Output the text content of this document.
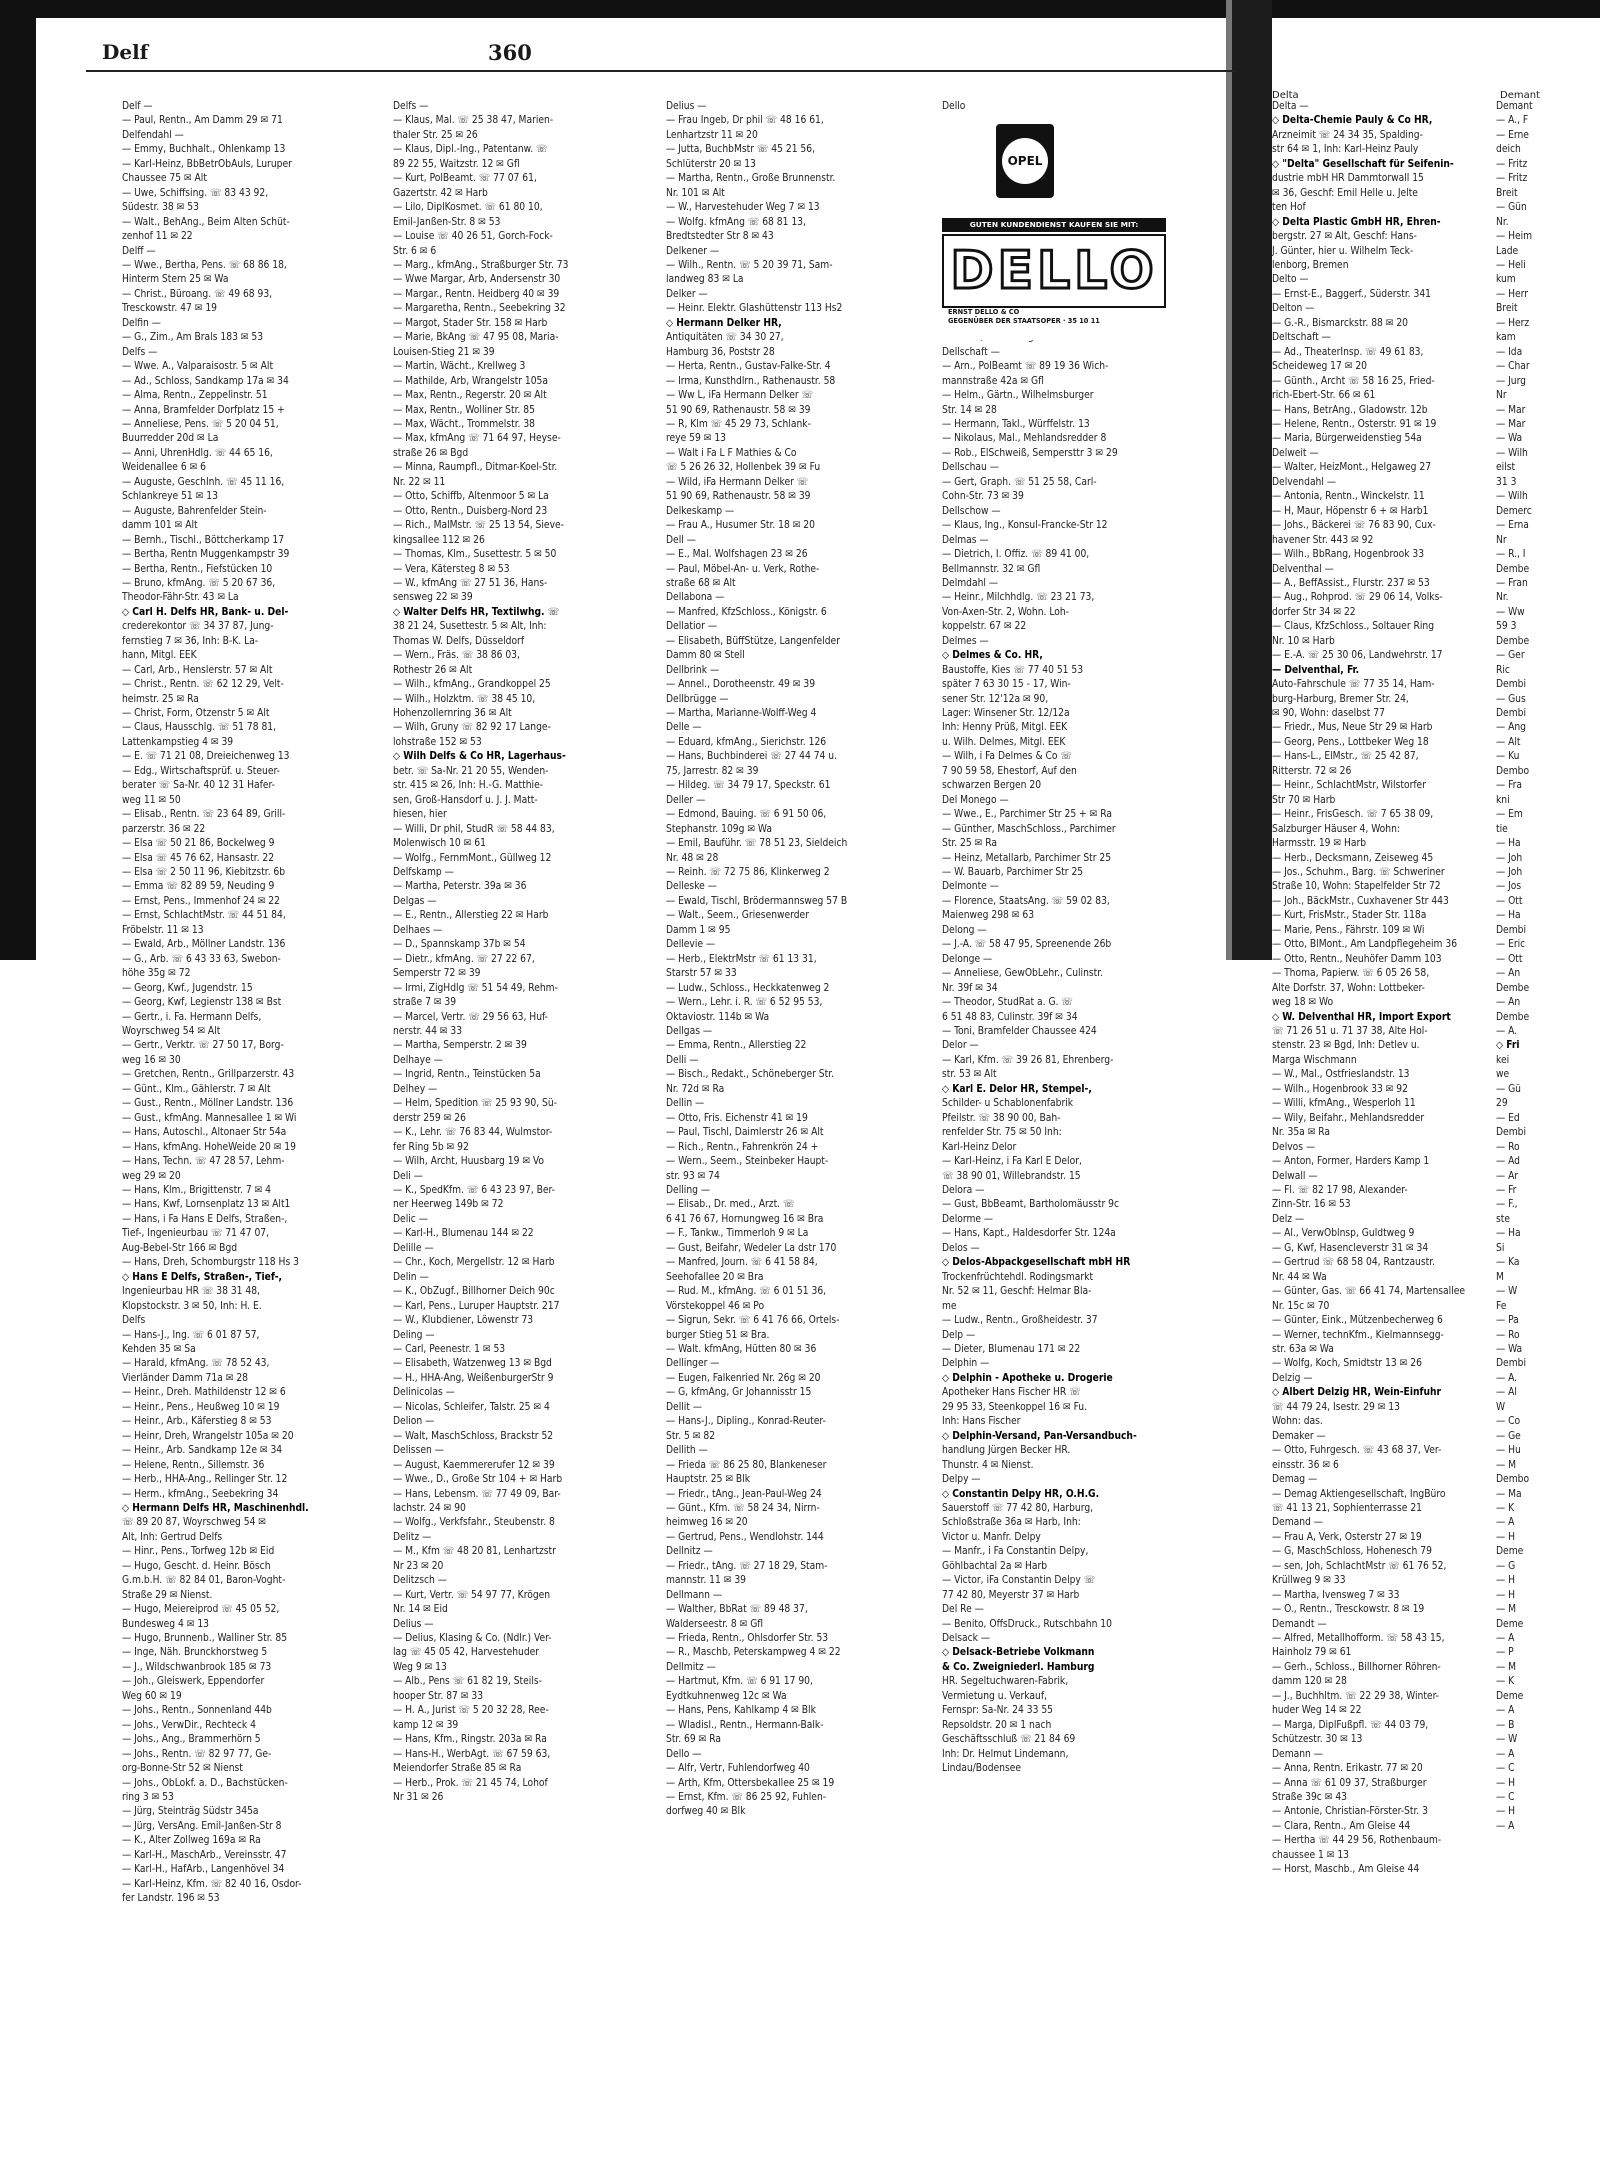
Delf	360
Delta	Demant
Delf —
— Paul, Rentn., Am Damm 29 ✉ 71
Delfendahl —
— Emmy, Buchhalt., Ohlenkamp 13
— Karl-Heinz, BbBetrObAuls, Luruper
Chaussee 75 ✉ Alt
— Uwe, Schiffsing. ☏ 83 43 92,
Südestr. 38 ✉ 53
— Walt., BehAng., Beim Alten Schüt-
zenhof 11 ✉ 22
Delff —
— Wwe., Bertha, Pens. ☏ 68 86 18,
Hinterm Stern 25 ✉ Wa
— Christ., Büroang. ☏ 49 68 93,
Tresckowstr. 47 ✉ 19
Delfin —
— G., Zim., Am Brals 183 ✉ 53
Delfs —
— Wwe. A., Valparaisostr. 5 ✉ Alt
— Ad., Schloss, Sandkamp 17a ✉ 34
— Alma, Rentn., Zeppelinstr. 51
— Anna, Bramfelder Dorfplatz 15 +
— Anneliese, Pens. ☏ 5 20 04 51,
Buurredder 20d ✉ La
— Anni, UhrenHdlg. ☏ 44 65 16,
Weidenallee 6 ✉ 6
— Auguste, GeschInh. ☏ 45 11 16,
Schlankreye 51 ✉ 13
— Auguste, Bahrenfelder Stein-
damm 101 ✉ Alt
— Bernh., Tischl., Böttcherkamp 17
— Bertha, Rentn Muggenkampstr 39
— Bertha, Rentn., Fiefstücken 10
— Bruno, kfmAng. ☏ 5 20 67 36,
Theodor-Fähr-Str. 43 ✉ La
◇ Carl H. Delfs HR, Bank- u. Del-
crederekontor ☏ 34 37 87, Jung-
fernstieg 7 ✉ 36, Inh: B-K. La-
hann, Mitgl. EEK
— Carl, Arb., Henslerstr. 57 ✉ Alt
— Christ., Rentn. ☏ 62 12 29, Velt-
heimstr. 25 ✉ Ra
— Christ, Form, Otzenstr 5 ✉ Alt
— Claus, Hausschlg. ☏ 51 78 81,
Lattenkampstieg 4 ✉ 39
— E. ☏ 71 21 08, Dreieichenweg 13
— Edg., Wirtschaftsprüf. u. Steuer-
berater ☏ Sa-Nr. 40 12 31 Hafer-
weg 11 ✉ 50
— Elisab., Rentn. ☏ 23 64 89, Grill-
parzerstr. 36 ✉ 22
— Elsa ☏ 50 21 86, Bockelweg 9
— Elsa ☏ 45 76 62, Hansastr. 22
— Elsa ☏ 2 50 11 96, Kiebitzstr. 6b
— Emma ☏ 82 89 59, Neuding 9
— Ernst, Pens., Immenhof 24 ✉ 22
— Ernst, SchlachtMstr. ☏ 44 51 84,
Fröbelstr. 11 ✉ 13
— Ewald, Arb., Möllner Landstr. 136
— G., Arb. ☏ 6 43 33 63, Swebon-
höhe 35g ✉ 72
— Georg, Kwf., Jugendstr. 15
— Georg, Kwf, Legienstr 138 ✉ Bst
— Gertr., i. Fa. Hermann Delfs,
Woyrschweg 54 ✉ Alt
— Gertr., Verktr. ☏ 27 50 17, Borg-
weg 16 ✉ 30
— Gretchen, Rentn., Grillparzerstr. 43
— Günt., Klm., Gählerstr. 7 ✉ Alt
— Gust., Rentn., Möllner Landstr. 136
— Gust., kfmAng. Mannesallee 1 ✉ Wi
— Hans, Autoschl., Altonaer Str 54a
— Hans, kfmAng. HoheWeide 20 ✉ 19
— Hans, Techn. ☏ 47 28 57, Lehm-
weg 29 ✉ 20
— Hans, Klm., Brigittenstr. 7 ✉ 4
— Hans, Kwf, Lornsenplatz 13 ✉ Alt1
— Hans, i Fa Hans E Delfs, Straßen-,
Tief-, Ingenieurbau ☏ 71 47 07,
Aug-Bebel-Str 166 ✉ Bgd
— Hans, Dreh, Schomburgstr 118 Hs 3
◇ Hans E Delfs, Straßen-, Tief-,
Ingenieurbau HR ☏ 38 31 48,
Klopstockstr. 3 ✉ 50, Inh: H. E.
Delfs
— Hans-J., Ing. ☏ 6 01 87 57,
Kehden 35 ✉ Sa
— Harald, kfmAng. ☏ 78 52 43,
Vierländer Damm 71a ✉ 28
— Heinr., Dreh. Mathildenstr 12 ✉ 6
— Heinr., Pens., Heußweg 10 ✉ 19
— Heinr., Arb., Käferstieg 8 ✉ 53
— Heinr, Dreh, Wrangelstr 105a ✉ 20
— Heinr., Arb. Sandkamp 12e ✉ 34
— Helene, Rentn., Sillemstr. 36
— Herb., HHA-Ang., Rellinger Str. 12
— Herm., kfmAng., Seebekring 34
◇ Hermann Delfs HR, Maschinenhdl.
☏ 89 20 87, Woyrschweg 54 ✉
Alt, Inh: Gertrud Delfs
— Hinr., Pens., Torfweg 12b ✉ Eid
— Hugo, Gescht. d. Heinr. Bösch
G.m.b.H. ☏ 82 84 01, Baron-Voght-
Straße 29 ✉ Nienst.
— Hugo, Meiereiprod ☏ 45 05 52,
Bundesweg 4 ✉ 13
— Hugo, Brunnenb., Walliner Str. 85
— Inge, Näh. Brunckhorstweg 5
— J., Wildschwanbrook 185 ✉ 73
— Joh., Gleiswerk, Eppendorfer
Weg 60 ✉ 19
— Johs., Rentn., Sonnenland 44b
— Johs., VerwDir., Rechteck 4
— Johs., Ang., Brammerhörn 5
— Johs., Rentn. ☏ 82 97 77, Ge-
org-Bonne-Str 52 ✉ Nienst
— Johs., ObLokf. a. D., Bachstücken-
ring 3 ✉ 53
— Jürg, Steinträg Südstr 345a
— Jürg, VersAng. Emil-Janßen-Str 8
— K., Alter Zollweg 169a ✉ Ra
— Karl-H., MaschArb., Vereinsstr. 47
— Karl-H., HafArb., Langenhövel 34
— Karl-Heinz, Kfm. ☏ 82 40 16, Osdor-
fer Landstr. 196 ✉ 53
Delfs —
— Klaus, Mal. ☏ 25 38 47, Marien-
thaler Str. 25 ✉ 26
— Klaus, Dipl.-Ing., Patentanw. ☏
89 22 55, Waitzstr. 12 ✉ Gfl
— Kurt, PolBeamt. ☏ 77 07 61,
Gazertstr. 42 ✉ Harb
— Lilo, DiplKosmet. ☏ 61 80 10,
Emil-Janßen-Str. 8 ✉ 53
— Louise ☏ 40 26 51, Gorch-Fock-
Str. 6 ✉ 6
— Marg., kfmAng., Straßburger Str. 73
— Wwe Margar, Arb, Andersenstr 30
— Margar., Rentn. Heidberg 40 ✉ 39
— Margaretha, Rentn., Seebekring 32
— Margot, Stader Str. 158 ✉ Harb
— Marie, BkAng ☏ 47 95 08, Maria-
Louisen-Stieg 21 ✉ 39
— Martin, Wächt., Krellweg 3
— Mathilde, Arb, Wrangelstr 105a
— Max, Rentn., Regerstr. 20 ✉ Alt
— Max, Rentn., Wolliner Str. 85
— Max, Wächt., Trommelstr. 38
— Max, kfmAng ☏ 71 64 97, Heyse-
straße 26 ✉ Bgd
— Minna, Raumpfl., Ditmar-Koel-Str.
Nr. 22 ✉ 11
— Otto, Schiffb, Altenmoor 5 ✉ La
— Otto, Rentn., Duisberg-Nord 23
— Rich., MalMstr. ☏ 25 13 54, Sieve-
kingsallee 112 ✉ 26
— Thomas, Klm., Susettestr. 5 ✉ 50
— Vera, Kätersteg 8 ✉ 53
— W., kfmAng ☏ 27 51 36, Hans-
sensweg 22 ✉ 39
◇ Walter Delfs HR, Textilwhg. ☏
38 21 24, Susettestr. 5 ✉ Alt, Inh:
Thomas W. Delfs, Düsseldorf
— Wern., Fräs. ☏ 38 86 03,
Rothestr 26 ✉ Alt
— Wilh., kfmAng., Grandkoppel 25
— Wilh., Holzktm. ☏ 38 45 10,
Hohenzollernring 36 ✉ Alt
— Wilh, Gruny ☏ 82 92 17 Lange-
lohstraße 152 ✉ 53
◇ Wilh Delfs & Co HR, Lagerhaus-
betr. ☏ Sa-Nr. 21 20 55, Wenden-
str. 415 ✉ 26, Inh: H.-G. Matthie-
sen, Groß-Hansdorf u. J. J. Matt-
hiesen, hier
— Willi, Dr phil, StudR ☏ 58 44 83,
Molenwisch 10 ✉ 61
— Wolfg., FernmMont., Güllweg 12
Delfskamp —
— Martha, Peterstr. 39a ✉ 36
Delgas —
— E., Rentn., Allerstieg 22 ✉ Harb
Delhaes —
— D., Spannskamp 37b ✉ 54
— Dietr., kfmAng. ☏ 27 22 67,
Semperstr 72 ✉ 39
— Irmi, ZigHdlg ☏ 51 54 49, Rehm-
straße 7 ✉ 39
— Marcel, Vertr. ☏ 29 56 63, Huf-
nerstr. 44 ✉ 33
— Martha, Semperstr. 2 ✉ 39
Delhaye —
— Ingrid, Rentn., Teinstücken 5a
Delhey —
— Helm, Spedition ☏ 25 93 90, Sü-
derstr 259 ✉ 26
— K., Lehr. ☏ 76 83 44, Wulmstor-
fer Ring 5b ✉ 92
— Wilh, Archt, Huusbarg 19 ✉ Vo
Deli —
— K., SpedKfm. ☏ 6 43 23 97, Ber-
ner Heerweg 149b ✉ 72
Delic —
— Karl-H., Blumenau 144 ✉ 22
Delille —
— Chr., Koch, Mergellstr. 12 ✉ Harb
Delin —
— K., ObZugf., Billhorner Deich 90c
— Karl, Pens., Luruper Hauptstr. 217
— W., Klubdiener, Löwenstr 73
Deling —
— Carl, Peenestr. 1 ✉ 53
— Elisabeth, Watzenweg 13 ✉ Bgd
— H., HHA-Ang, WeißenburgerStr 9
Delinicolas —
— Nicolas, Schleifer, Talstr. 25 ✉ 4
Delion —
— Walt, MaschSchloss, Brackstr 52
Delissen —
— August, Kaemmererufer 12 ✉ 39
— Wwe., D., Große Str 104 + ✉ Harb
— Hans, Lebensm. ☏ 77 49 09, Bar-
lachstr. 24 ✉ 90
— Wolfg., Verkfsfahr., Steubenstr. 8
Delitz —
— M., Kfm ☏ 48 20 81, Lenhartzstr
Nr 23 ✉ 20
Delitzsch —
— Kurt, Vertr. ☏ 54 97 77, Krögen
Nr. 14 ✉ Eid
Delius —
— Delius, Klasing & Co. (Ndlr.) Ver-
lag ☏ 45 05 42, Harvestehuder
Weg 9 ✉ 13
— Alb., Pens ☏ 61 82 19, Steils-
hooper Str. 87 ✉ 33
— H. A., Jurist ☏ 5 20 32 28, Ree-
kamp 12 ✉ 39
— Hans, Kfm., Ringstr. 203a ✉ Ra
— Hans-H., WerbAgt. ☏ 67 59 63,
Meiendorfer Straße 85 ✉ Ra
— Herb., Prok. ☏ 21 45 74, Lohof
Nr 31 ✉ 26
Delius —
— Frau Ingeb, Dr phil ☏ 48 16 61,
Lenhartzstr 11 ✉ 20
— Jutta, BuchbMstr ☏ 45 21 56,
Schlüterstr 20 ✉ 13
— Martha, Rentn., Große Brunnenstr.
Nr. 101 ✉ Alt
— W., Harvestehuder Weg 7 ✉ 13
— Wolfg. kfmAng ☏ 68 81 13,
Bredtstedter Str 8 ✉ 43
Delkener —
— Wilh., Rentn. ☏ 5 20 39 71, Sam-
landweg 83 ✉ La
Delker —
— Heinr. Elektr. Glashüttenstr 113 Hs2
◇ Hermann Delker HR,
Antiquitäten ☏ 34 30 27,
Hamburg 36, Poststr 28
— Herta, Rentn., Gustav-Falke-Str. 4
— Irma, Kunsthdlrn., Rathenaustr. 58
— Ww L, iFa Hermann Delker ☏
51 90 69, Rathenaustr. 58 ✉ 39
— R, Klm ☏ 45 29 73, Schlank-
reye 59 ✉ 13
— Walt i Fa L F Mathies & Co
☏ 5 26 26 32, Hollenbek 39 ✉ Fu
— Wild, iFa Hermann Delker ☏
51 90 69, Rathenaustr. 58 ✉ 39
Delkeskamp —
— Frau A., Husumer Str. 18 ✉ 20
Dell —
— E., Mal. Wolfshagen 23 ✉ 26
— Paul, Möbel-An- u. Verk, Rothe-
straße 68 ✉ Alt
Dellabona —
— Manfred, KfzSchloss., Königstr. 6
Dellatior —
— Elisabeth, BüffStütze, Langenfelder
Damm 80 ✉ Stell
Dellbrink —
— Annel., Dorotheenstr. 49 ✉ 39
Dellbrügge —
— Martha, Marianne-Wolff-Weg 4
Delle —
— Eduard, kfmAng., Sierichstr. 126
— Hans, Buchbinderei ☏ 27 44 74 u.
75, Jarrestr. 82 ✉ 39
— Hildeg. ☏ 34 79 17, Speckstr. 61
Deller —
— Edmond, Bauing. ☏ 6 91 50 06,
Stephanstr. 109g ✉ Wa
— Emil, Bauführ. ☏ 78 51 23, Sieldeich
Nr. 48 ✉ 28
— Reinh. ☏ 72 75 86, Klinkerweg 2
Delleske —
— Ewald, Tischl, Brödermannsweg 57 B
— Walt., Seem., Griesenwerder
Damm 1 ✉ 95
Dellevie —
— Herb., ElektrMstr ☏ 61 13 31,
Starstr 57 ✉ 33
— Ludw., Schloss., Heckkatenweg 2
— Wern., Lehr. i. R. ☏ 6 52 95 53,
Oktaviostr. 114b ✉ Wa
Dellgas —
— Emma, Rentn., Allerstieg 22
Delli —
— Bisch., Redakt., Schöneberger Str.
Nr. 72d ✉ Ra
Dellin —
— Otto, Fris. Eichenstr 41 ✉ 19
— Paul, Tischl, Daimlerstr 26 ✉ Alt
— Rich., Rentn., Fahrenkrön 24 +
— Wern., Seem., Steinbeker Haupt-
str. 93 ✉ 74
Delling —
— Elisab., Dr. med., Ärzt. ☏
6 41 76 67, Hornungweg 16 ✉ Bra
— F., Tankw., Timmerloh 9 ✉ La
— Gust, Beifahr, Wedeler La dstr 170
— Manfred, Journ. ☏ 6 41 58 84,
Seehofallee 20 ✉ Bra
— Rud. M., kfmAng. ☏ 6 01 51 36,
Vörstekoppel 46 ✉ Po
— Sigrun, Sekr. ☏ 6 41 76 66, Ortels-
burger Stieg 51 ✉ Bra.
— Walt. kfmAng, Hütten 80 ✉ 36
Dellinger —
— Eugen, Falkenried Nr. 26g ✉ 20
— G, kfmAng, Gr Johannisstr 15
Dellit —
— Hans-J., Dipling., Konrad-Reuter-
Str. 5 ✉ 82
Dellith —
— Frieda ☏ 86 25 80, Blankeneser
Hauptstr. 25 ✉ Blk
— Friedr., tAng., Jean-Paul-Weg 24
— Günt., Kfm. ☏ 58 24 34, Nirrn-
heimweg 16 ✉ 20
— Gertrud, Pens., Wendlohstr. 144
Dellnitz —
— Friedr., tAng. ☏ 27 18 29, Stam-
mannstr. 11 ✉ 39
Dellmann —
— Walther, BbRat ☏ 89 48 37,
Walderseestr. 8 ✉ Gfl
— Frieda, Rentn., Ohlsdorfer Str. 53
— R., Maschb, Peterskampweg 4 ✉ 22
Dellmitz —
— Hartmut, Kfm. ☏ 6 91 17 90,
Eydtkuhnenweg 12c ✉ Wa
— Hans, Pens, Kahlkamp 4 ✉ Blk
— Wladisl., Rentn., Hermann-Balk-
Str. 69 ✉ Ra
Dello —
— Alfr, Vertr, Fuhlendorfweg 40
— Arth, Kfm, Ottersbekallee 25 ✉ 19
— Ernst, Kfm. ☏ 86 25 92, Fuhlen-
dorfweg 40 ✉ Blk
Dello

Dellschaft —
— Arn., PolBeamt ☏ 89 19 36 Wich-
mannstraße 42a ✉ Gfl
— Helm., Gärtn., Wilhelmsburger
Str. 14 ✉ 28
— Hermann, Takl., Würffelstr. 13
— Nikolaus, Mal., Mehlandsredder 8
— Rob., ElSchweiß, Sempersttr 3 ✉ 29
Dellschau —
— Gert, Graph. ☏ 51 25 58, Carl-
Cohn-Str. 73 ✉ 39
Dellschow —
— Klaus, Ing., Konsul-Francke-Str 12
Delmas —
— Dietrich, I. Offiz. ☏ 89 41 00,
Bellmannstr. 32 ✉ Gfl
Delmdahl —
— Heinr., Milchhdlg. ☏ 23 21 73,
Von-Axen-Str. 2, Wohn. Loh-
koppelstr. 67 ✉ 22
Delmes —
◇ Delmes & Co. HR,
Baustoffe, Kies ☏ 77 40 51 53
später 7 63 30 15 - 17, Win-
sener Str. 12'12a ✉ 90,
Lager: Winsener Str. 12/12a
Inh: Henny Prüß, Mitgl. EEK
u. Wilh. Delmes, Mitgl. EEK
— Wilh, i Fa Delmes & Co ☏
7 90 59 58, Ehestorf, Auf den
schwarzen Bergen 20
Del Monego —
— Wwe., E., Parchimer Str 25 + ✉ Ra
— Günther, MaschSchloss., Parchimer
Str. 25 ✉ Ra
— Heinz, Metallarb, Parchimer Str 25
— W. Bauarb, Parchimer Str 25
Delmonte —
— Florence, StaatsAng. ☏ 59 02 83,
Maienweg 298 ✉ 63
Delong —
— J.-A. ☏ 58 47 95, Spreenende 26b
Delonge —
— Anneliese, GewObLehr., Culinstr.
Nr. 39f ✉ 34
— Theodor, StudRat a. G. ☏
6 51 48 83, Culinstr. 39f ✉ 34
— Toni, Bramfelder Chaussee 424
Delor —
— Karl, Kfm. ☏ 39 26 81, Ehrenberg-
str. 53 ✉ Alt
◇ Karl E. Delor HR, Stempel-,
Schilder- u Schablonenfabrik
Pfeilstr. ☏ 38 90 00, Bah-
renfelder Str. 75 ✉ 50 Inh:
Karl-Heinz Delor
— Karl-Heinz, i Fa Karl E Delor,
☏ 38 90 01, Willebrandstr. 15
Delora —
— Gust, BbBeamt, Bartholomäusstr 9c
Delorme —
— Hans, Kapt., Haldesdorfer Str. 124a
Delos —
◇ Delos-Abpackgesellschaft mbH HR
Trockenfrüchtehdl. Rodingsmarkt
Nr. 52 ✉ 11, Geschf: Helmar Bla-
me
— Ludw., Rentn., Großheidestr. 37
Delp —
— Dieter, Blumenau 171 ✉ 22
Delphin —
◇ Delphin - Apotheke u. Drogerie
Apotheker Hans Fischer HR ☏
29 95 33, Steenkoppel 16 ✉ Fu.
Inh: Hans Fischer
◇ Delphin-Versand, Pan-Versandbuch-
handlung Jürgen Becker HR.
Thunstr. 4 ✉ Nienst.
Delpy —
◇ Constantin Delpy HR, O.H.G.
Sauerstoff ☏ 77 42 80, Harburg,
Schloßstraße 36a ✉ Harb, Inh:
Victor u. Manfr. Delpy
— Manfr., i Fa Constantin Delpy,
Göhlbachtal 2a ✉ Harb
— Victor, iFa Constantin Delpy ☏
77 42 80, Meyerstr 37 ✉ Harb
Del Re —
— Benito, OffsDruck., Rutschbahn 10
Delsack —
◇ Delsack-Betriebe Volkmann
& Co. Zweigniederl. Hamburg
HR. Segeltuchwaren-Fabrik,
Vermietung u. Verkauf,
Fernspr: Sa-Nr. 24 33 55
Repsoldstr. 20 ✉ 1 nach
Geschäftsschluß ☏ 21 84 69
Inh: Dr. Helmut Lindemann,
Lindau/Bodensee
Delta —
◇ Delta-Chemie Pauly & Co HR,
Arzneimit ☏ 24 34 35, Spalding-
str 64 ✉ 1, Inh: Karl-Heinz Pauly
◇ "Delta" Gesellschaft für Seifenin-
dustrie mbH HR Dammtorwall 15
✉ 36, Geschf: Emil Helle u. Jelte
ten Hof
◇ Delta Plastic GmbH HR, Ehren-
bergstr. 27 ✉ Alt, Geschf: Hans-
J. Günter, hier u. Wilhelm Teck-
lenborg, Bremen
Delto —
— Ernst-E., Baggerf., Süderstr. 341
Delton —
— G.-R., Bismarckstr. 88 ✉ 20
Deltschaft —
— Ad., TheaterInsp. ☏ 49 61 83,
Scheideweg 17 ✉ 20
— Günth., Archt ☏ 58 16 25, Fried-
rich-Ebert-Str. 66 ✉ 61
— Hans, BetrAng., Gladowstr. 12b
— Helene, Rentn., Osterstr. 91 ✉ 19
— Maria, Bürgerweidenstieg 54a
Delweit —
— Walter, HeizMont., Helgaweg 27
Delvendahl —
— Antonia, Rentn., Winckelstr. 11
— H, Maur, Höpenstr 6 + ✉ Harb1
— Johs., Bäckerei ☏ 76 83 90, Cux-
havener Str. 443 ✉ 92
— Wilh., BbRang, Hogenbrook 33
Delventhal —
— A., BeffAssist., Flurstr. 237 ✉ 53
— Aug., Rohprod. ☏ 29 06 14, Volks-
dorfer Str 34 ✉ 22
— Claus, KfzSchloss., Soltauer Ring
Nr. 10 ✉ Harb
— E.-A. ☏ 25 30 06, Landwehrstr. 17
— Delventhal, Fr.
Auto-Fahrschule ☏ 77 35 14, Ham-
burg-Harburg, Bremer Str. 24,
✉ 90, Wohn: daselbst 77
— Friedr., Mus, Neue Str 29 ✉ Harb
— Georg, Pens., Lottbeker Weg 18
— Hans-L., ElMstr., ☏ 25 42 87,
Ritterstr. 72 ✉ 26
— Heinr., SchlachtMstr, Wilstorfer
Str 70 ✉ Harb
— Heinr., FrisGesch. ☏ 7 65 38 09,
Salzburger Häuser 4, Wohn:
Harmsstr. 19 ✉ Harb
— Herb., Decksmann, Zeiseweg 45
— Jos., Schuhm., Barg. ☏ Schweriner
Straße 10, Wohn: Stapelfelder Str 72
— Joh., BäckMstr., Cuxhavener Str 443
— Kurt, FrisMstr., Stader Str. 118a
— Marie, Pens., Fährstr. 109 ✉ Wi
— Otto, BlMont., Am Landpflegeheim 36
— Otto, Rentn., Neuhöfer Damm 103
— Thoma, Papierw. ☏ 6 05 26 58,
Alte Dorfstr. 37, Wohn: Lottbeker-
weg 18 ✉ Wo
◇ W. Delventhal HR, Import Export
☏ 71 26 51 u. 71 37 38, Alte Hol-
stenstr. 23 ✉ Bgd, Inh: Detlev u.
Marga Wischmann
— W., Mal., Ostfrieslandstr. 13
— Wilh., Hogenbrook 33 ✉ 92
— Willi, kfmAng., Wesperloh 11
— Wily, Beifahr., Mehlandsredder
Nr. 35a ✉ Ra
Delvos —
— Anton, Former, Harders Kamp 1
Delwall —
— Fl. ☏ 82 17 98, Alexander-
Zinn-Str. 16 ✉ 53
Delz —
— Al., VerwOblnsp, Guldtweg 9
— G, Kwf, Hasencleverstr 31 ✉ 34
— Gertrud ☏ 68 58 04, Rantzaustr.
Nr. 44 ✉ Wa
— Günter, Gas. ☏ 66 41 74, Martensallee
Nr. 15c ✉ 70
— Günter, Eink., Mützenbecherweg 6
— Werner, technKfm., Kielmannsegg-
str. 63a ✉ Wa
— Wolfg, Koch, Smidtstr 13 ✉ 26
Delzig —
◇ Albert Delzig HR, Wein-Einfuhr
☏ 44 79 24, Isestr. 29 ✉ 13
Wohn: das.
Demaker —
— Otto, Fuhrgesch. ☏ 43 68 37, Ver-
einsstr. 36 ✉ 6
Demag —
— Demag Aktiengesellschaft, IngBüro
☏ 41 13 21, Sophienterrasse 21
Demand —
— Frau A, Verk, Osterstr 27 ✉ 19
— G, MaschSchloss, Hohenesch 79
— sen, Joh, SchlachtMstr ☏ 61 76 52,
Krüllweg 9 ✉ 33
— Martha, Ivensweg 7 ✉ 33
— O., Rentn., Tresckowstr. 8 ✉ 19
Demandt —
— Alfred, Metallhofform. ☏ 58 43 15,
Hainholz 79 ✉ 61
— Gerh., Schloss., Billhorner Röhren-
damm 120 ✉ 28
— J., Buchhltm. ☏ 22 29 38, Winter-
huder Weg 14 ✉ 22
— Marga, DiplFußpfl. ☏ 44 03 79,
Schützestr. 30 ✉ 13
Demann —
— Anna, Rentn. Erikastr. 77 ✉ 20
— Anna ☏ 61 09 37, Straßburger
Straße 39c ✉ 43
— Antonie, Christian-Förster-Str. 3
— Clara, Rentn., Am Gleise 44
— Hertha ☏ 44 29 56, Rothenbaum-
chaussee 1 ✉ 13
— Horst, Maschb., Am Gleise 44
Demant
— A., F
— Erne
deich
— Fritz
— Fritz
Breit
— Gün
Nr.
— Heim
Lade
— Heli
kum
— Herr
Breit
— Herz
kam
— Ida
— Char
— Jurg
Nr
— Mar
— Mar
— Wa
— Wilh
eilst
31 3
— Wilh
Demerc
— Erna
Nr
— R., I
Dembe
— Fran
Nr.
— Ww
59 3
Dembe
— Ger
Ric
Dembi
— Gus
Dembi
— Ang
— Alt
— Ku
Dembo
— Fra
kni
— Em
tie
— Ha
— Joh
— Joh
— Jos
— Ott
— Ha
Dembi
— Eric
— Ott
— An
Dembe
— An
Dembe
— A.
◇ Fri
kei
we
— Gü
29
— Ed
Dembi
— Ro
— Ad
— Ar
— Fr
— F.,
ste
— Ha
Si
— Ka
M
— W
Fe
— Pa
— Ro
— Wa
Dembi
— A.
— Al
W
— Co
— Ge
— Hu
— M
Dembo
— Ma
— K
— A
— H
Deme
— G
— H
— H
— M
Deme
— A
— P
— M
— K
Deme
— A
— B
— W
— A
— C
— H
— C
— H
— A
OPEL
GUTEN KUNDENDIENST KAUFEN SIE MIT:
DELLO
ERNST DELLO & CO
GEGENÜBER DER STAATSOPER · 35 10 11
